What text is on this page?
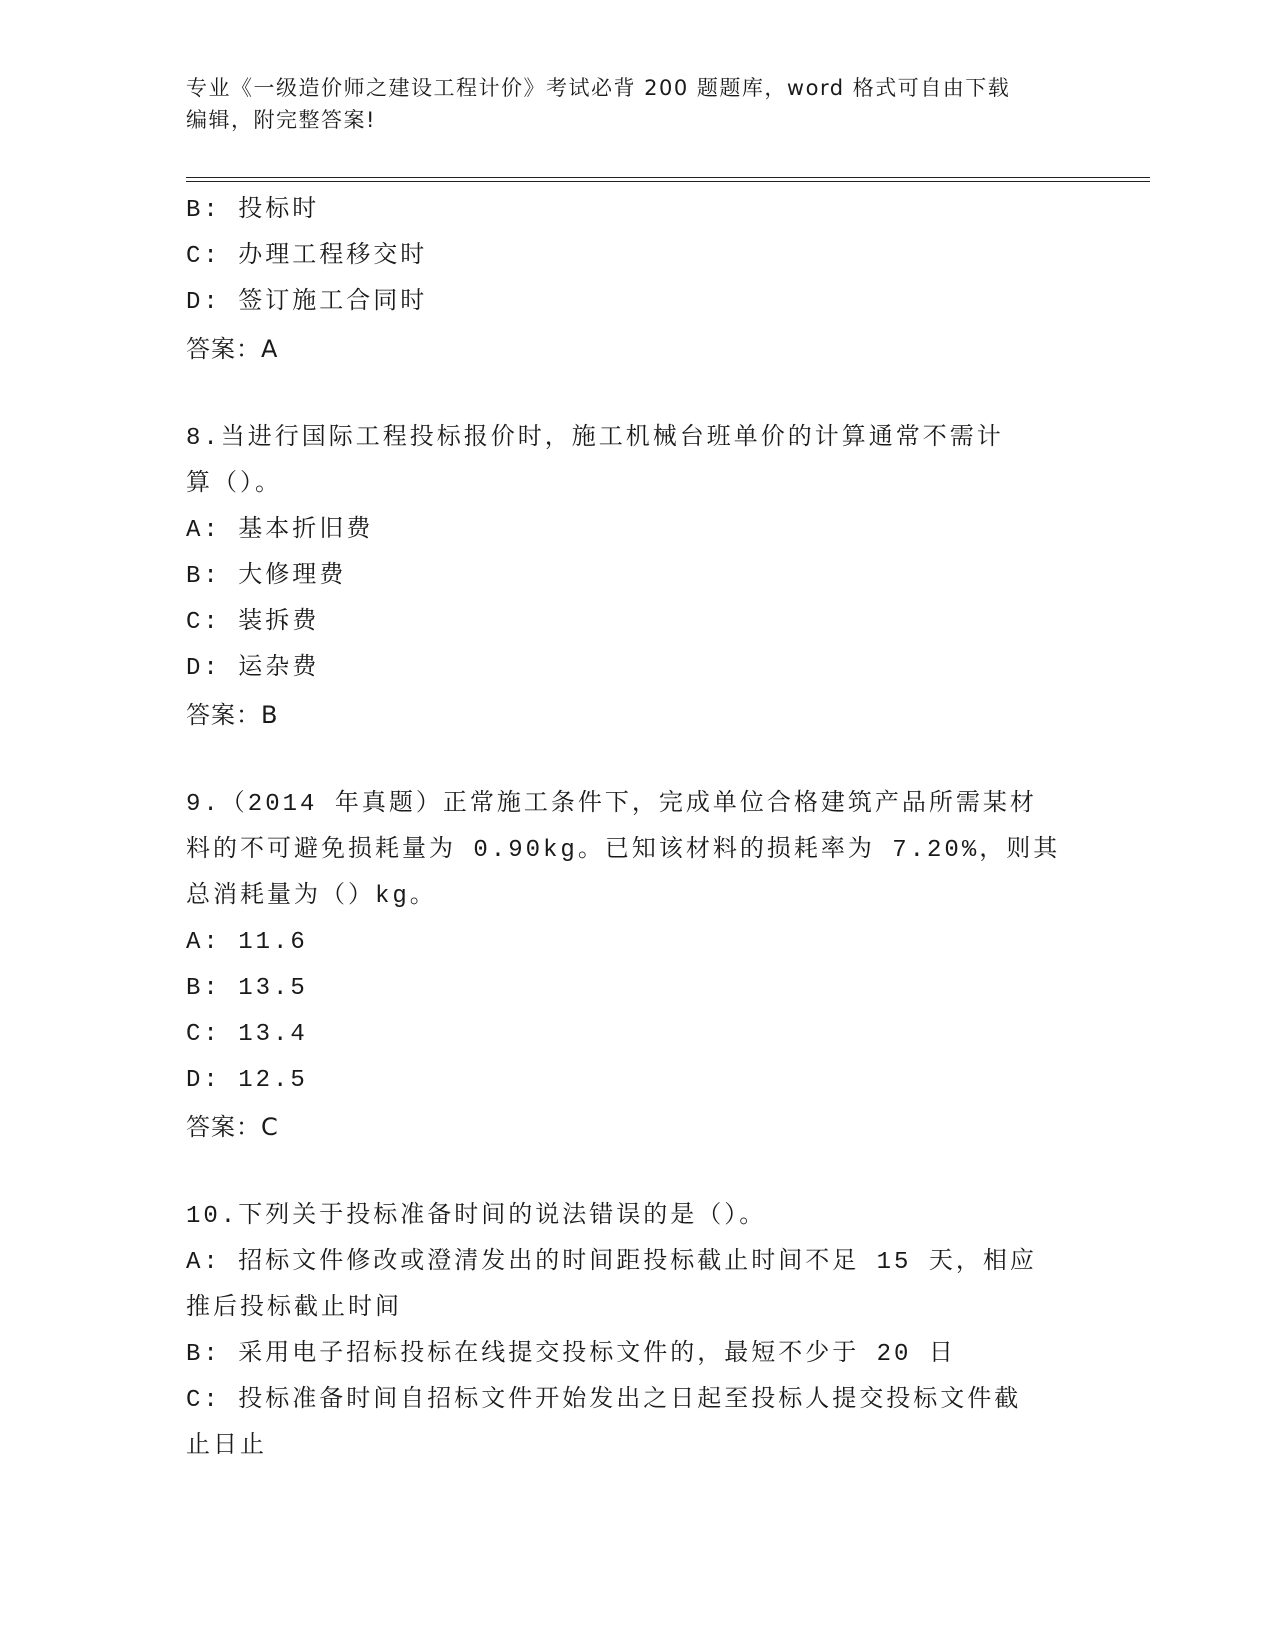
专业《一级造价师之建设工程计价》考试必背 200 题题库，word 格式可自由下载
编辑，附完整答案!
B: 投标时
C: 办理工程移交时
D: 签订施工合同时
答案：A
8.当进行国际工程投标报价时，施工机械台班单价的计算通常不需计
算（）。
A: 基本折旧费
B: 大修理费
C: 装拆费
D: 运杂费
答案：B
9.（2014 年真题）正常施工条件下，完成单位合格建筑产品所需某材
料的不可避免损耗量为 0.90kg。已知该材料的损耗率为 7.20%，则其
总消耗量为（）kg。
A: 11.6
B: 13.5
C: 13.4
D: 12.5
答案：C
10.下列关于投标准备时间的说法错误的是（）。
A: 招标文件修改或澄清发出的时间距投标截止时间不足 15 天，相应
推后投标截止时间
B: 采用电子招标投标在线提交投标文件的，最短不少于 20 日
C: 投标准备时间自招标文件开始发出之日起至投标人提交投标文件截
止日止
